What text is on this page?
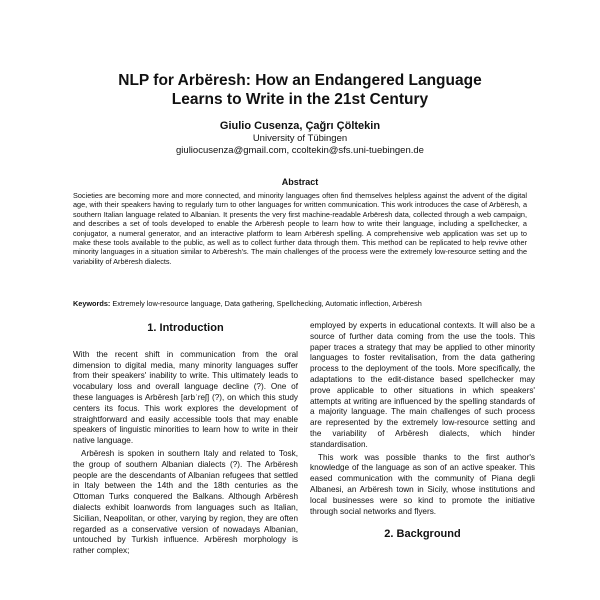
NLP for Arbëresh: How an Endangered Language
Learns to Write in the 21st Century
Giulio Cusenza, Çağrı Çöltekin
University of Tübingen
giuliocusenza@gmail.com, ccoltekin@sfs.uni-tuebingen.de
Abstract

Societies are becoming more and more connected, and minority languages often find themselves helpless against the advent of the digital age, with their speakers having to regularly turn to other languages for written communication. This work introduces the case of Arbëresh, a southern Italian language related to Albanian. It presents the very first machine-readable Arbëresh data, collected through a web campaign, and describes a set of tools developed to enable the Arbëresh people to learn how to write their language, including a spellchecker, a conjugator, a numeral generator, and an interactive platform to learn Arbëresh spelling. A comprehensive web application was set up to make these tools available to the public, as well as to collect further data through them. This method can be replicated to help revive other minority languages in a situation similar to Arbëresh's. The main challenges of the process were the extremely low-resource setting and the variability of Arbëresh dialects.

Keywords: Extremely low-resource language, Data gathering, Spellchecking, Automatic inflection, Arbëresh

1. Introduction

With the recent shift in communication from the oral dimension to digital media, many minority languages suffer from their speakers' inability to write. This ultimately leads to vocabulary loss and overall language decline (?). One of these languages is Arbëresh [arbˈreʃ] (?), on which this study centers its focus. This work explores the development of straightforward and easily accessible tools that may enable speakers of linguistic minorities to learn how to write in their native language.

Arbëresh is spoken in southern Italy and related to Tosk, the group of southern Albanian dialects (?). The Arbëresh people are the descendants of Albanian refugees that settled in Italy between the 14th and the 18th centuries as the Ottoman Turks conquered the Balkans. Although Arbëresh dialects exhibit loanwords from languages such as Italian, Sicilian, Neapolitan, or other, varying by region, they are often regarded as a conservative version of nowadays Albanian, untouched by Turkish influence. Arbëresh morphology is rather complex;

employed by experts in educational contexts. It will also be a source of further data coming from the use the tools. This paper traces a strategy that may be applied to other minority languages to foster revitalisation, from the data gathering process to the deployment of the tools. More specifically, the adaptations to the edit-distance based spellchecker may prove applicable to other situations in which speakers' attempts at writing are influenced by the spelling standards of a majority language. The main challenges of such process are represented by the extremely low-resource setting and the variability of Arbëresh dialects, which hinder standardisation.

This work was possible thanks to the first author's knowledge of the language as son of an active speaker. This eased communication with the community of Piana degli Albanesi, an Arbëresh town in Sicily, whose institutions and local businesses were so kind to promote the initiative through social networks and flyers.

2. Background
